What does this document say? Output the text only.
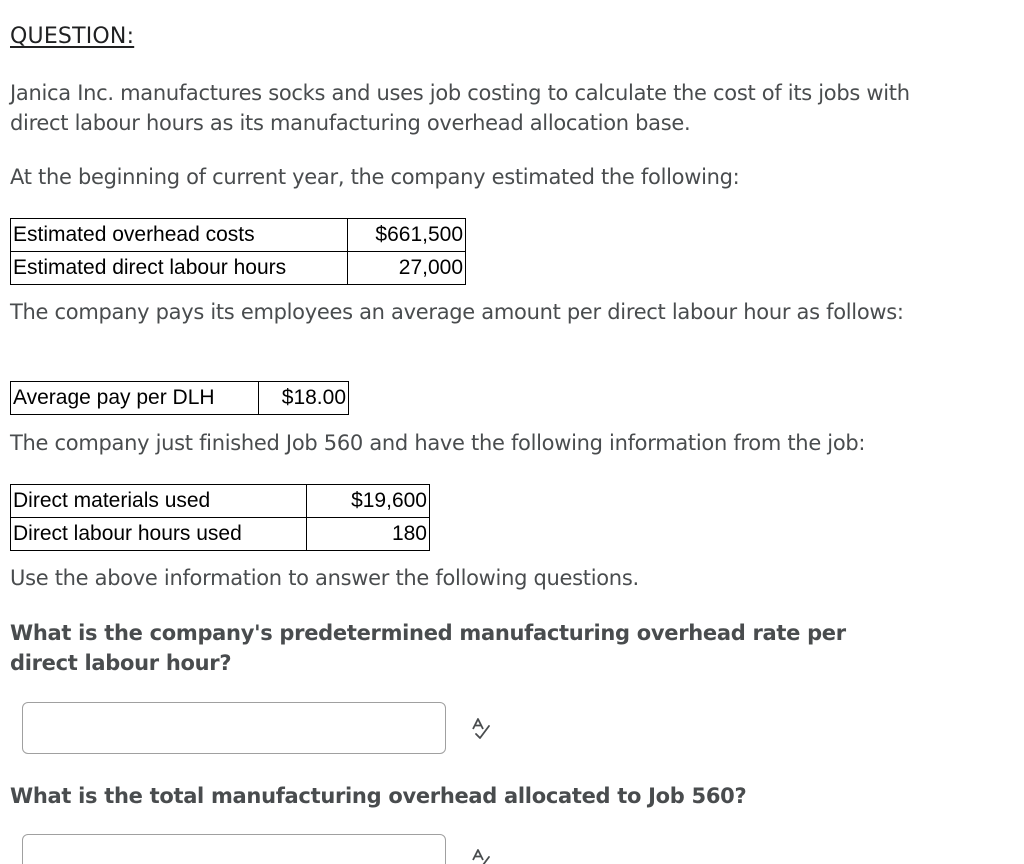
QUESTION:

Janica Inc. manufactures socks and uses job costing to calculate the cost of its jobs with direct labour hours as its manufacturing overhead allocation base.

At the beginning of current year, the company estimated the following:

Estimated overhead costs	$661,500
Estimated direct labour hours	27,000

The company pays its employees an average amount per direct labour hour as follows:

Average pay per DLH	$18.00

The company just finished Job 560 and have the following information from the job:

Direct materials used	$19,600
Direct labour hours used	180

Use the above information to answer the following questions.

What is the company's predetermined manufacturing overhead rate per direct labour hour?

What is the total manufacturing overhead allocated to Job 560?
